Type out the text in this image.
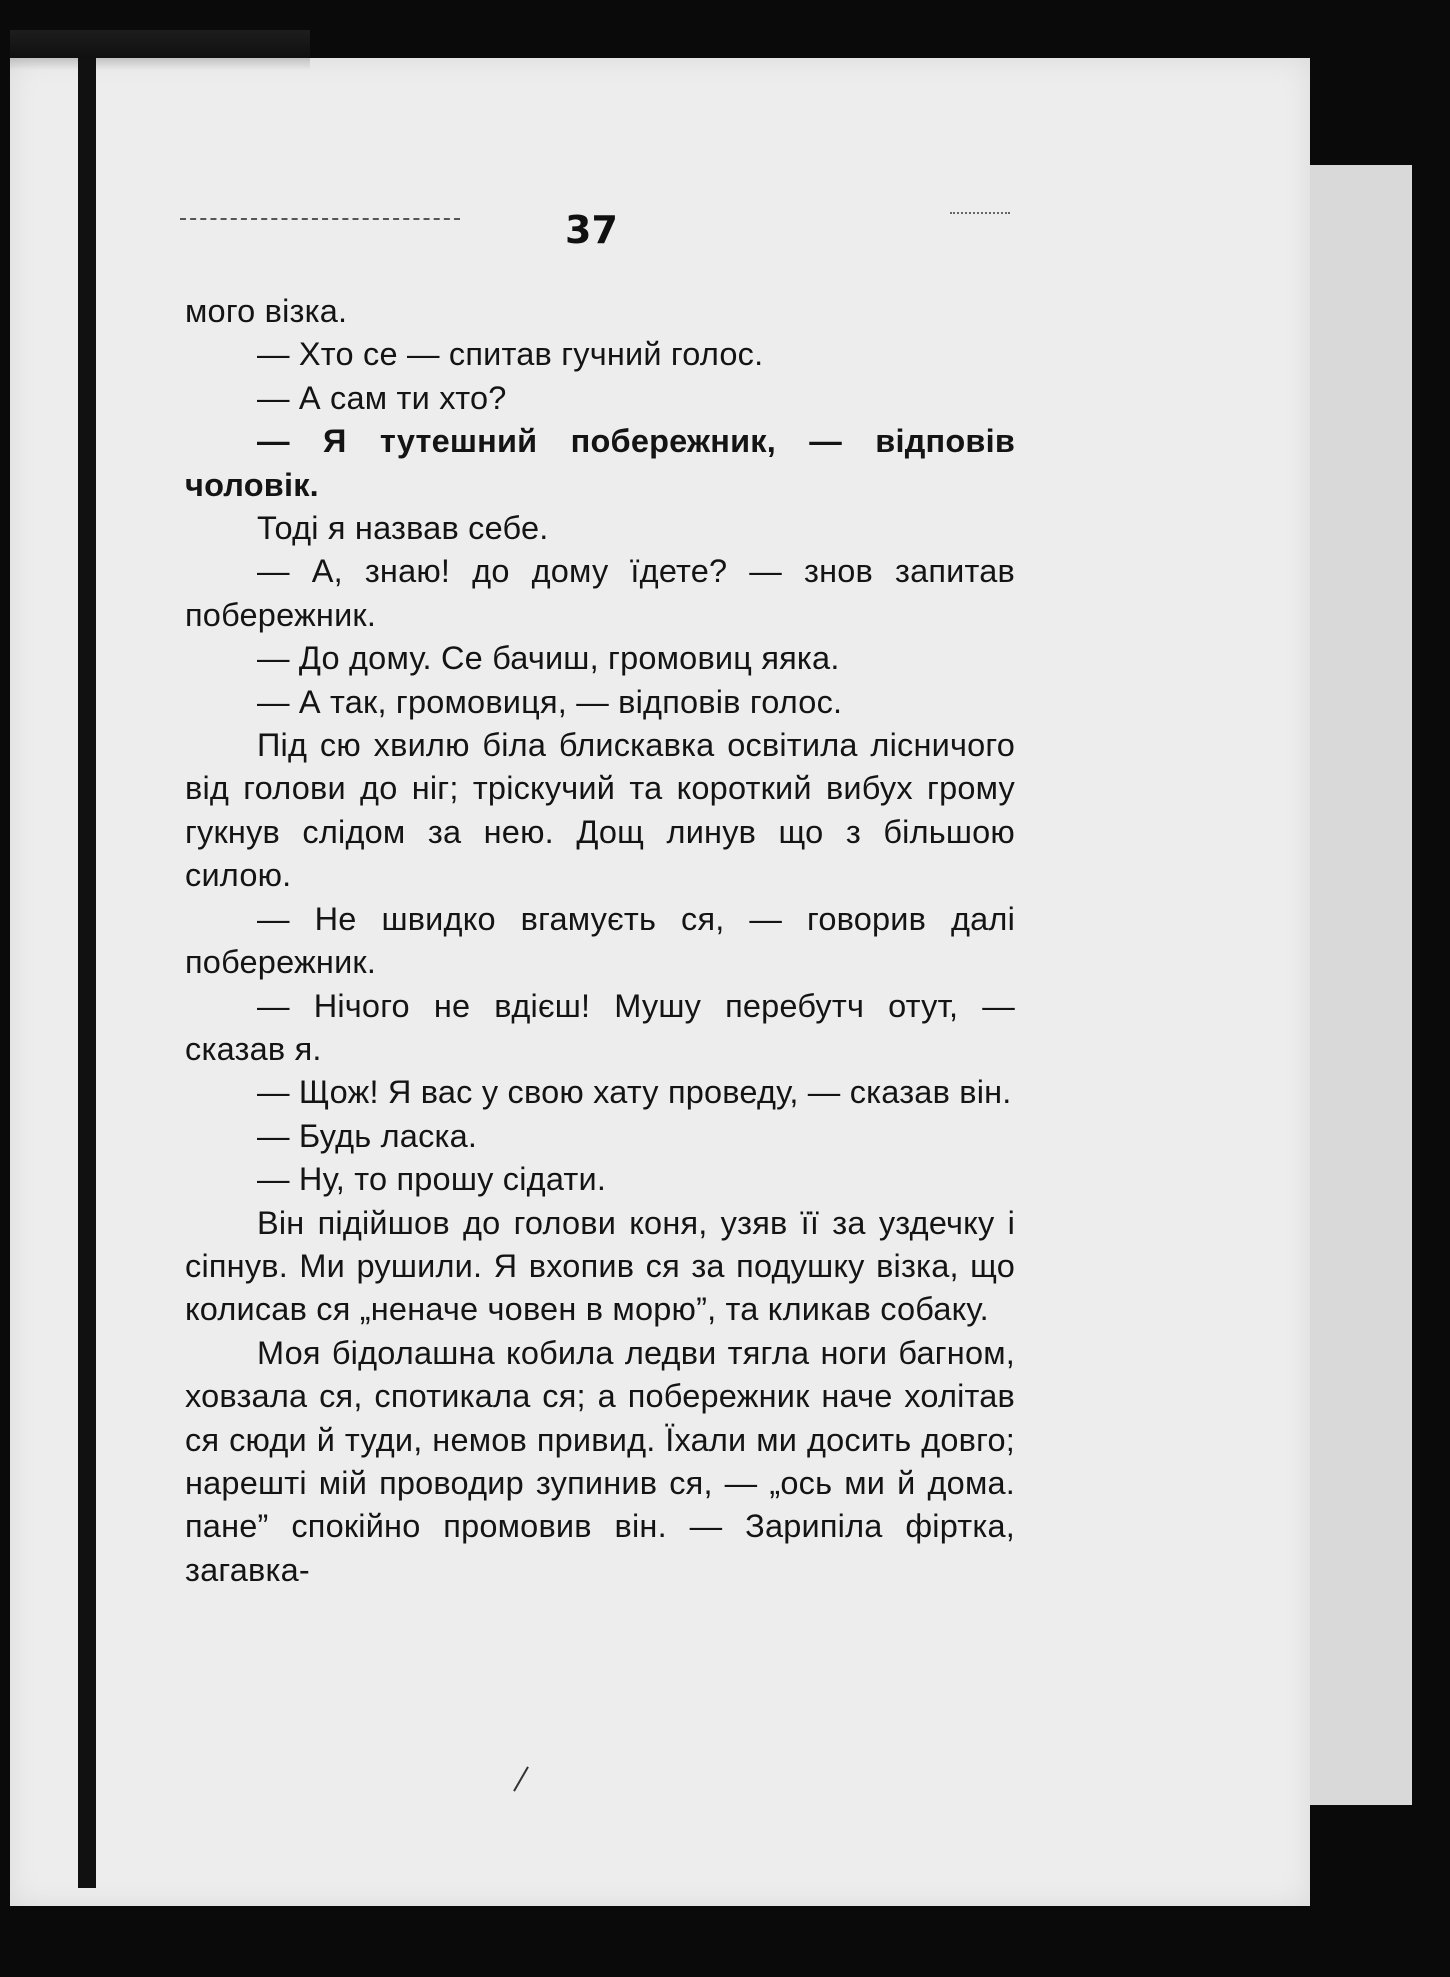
37

мого візка.

— Хто се — спитав гучний голос.

— А сам ти хто?

— Я тутешний побережник, — відповів чоловік.

Тоді я назвав себе.

— А, знаю! до дому їдете? — знов запитав побережник.

— До дому. Се бачиш, громовиц яяка.

— А так, громовиця, — відповів голос.

Під сю хвилю біла блискавка освітила лісничого від голови до ніг; тріскучий та короткий вибух грому гукнув слідом за нею. Дощ линув що з більшою силою.

— Не швидко вгамуєть ся, — говорив далі побережник.

— Нічого не вдієш! Мушу перебутч отут, — сказав я.

— Щож! Я вас у свою хату проведу, — сказав він.

— Будь ласка.

— Ну, то прошу сідати.

Він підійшов до голови коня, узяв її за уздечку і сіпнув. Ми рушили. Я вхопив ся за подушку візка, що колисав ся „неначе човен в морю”, та кликав собаку.

Моя бідолашна кобила ледви тягла ноги багном, ховзала ся, спотикала ся; а побережник наче холітав ся сюди й туди, немов привид. Їхали ми досить довго; нарешті мій проводир зупинив ся, — „ось ми й дома. пане” спокійно промовив він. — Зарипіла фіртка, загавка-
